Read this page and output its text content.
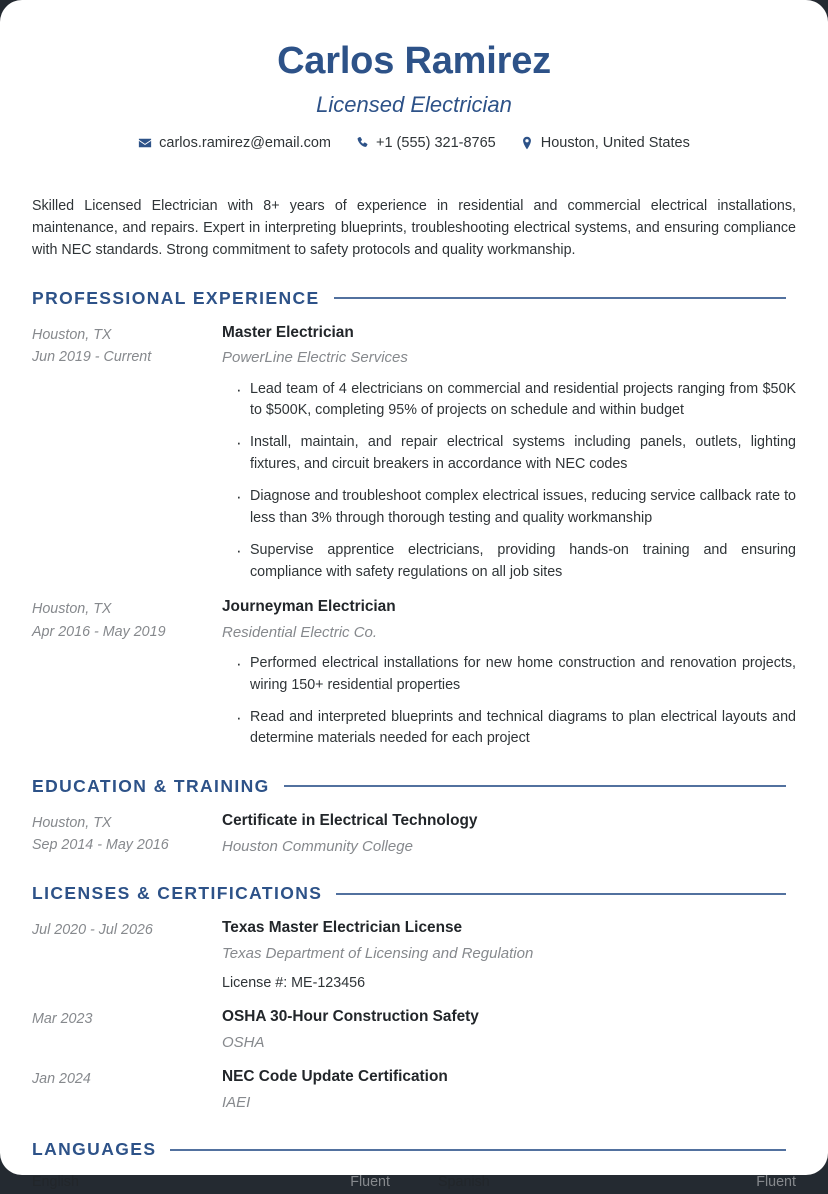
Carlos Ramirez
Licensed Electrician
carlos.ramirez@email.com	+1 (555) 321-8765	Houston, United States
Skilled Licensed Electrician with 8+ years of experience in residential and commercial electrical installations, maintenance, and repairs. Expert in interpreting blueprints, troubleshooting electrical systems, and ensuring compliance with NEC standards. Strong commitment to safety protocols and quality workmanship.
PROFESSIONAL EXPERIENCE
Houston, TX
Jun 2019 - Current
Master Electrician
PowerLine Electric Services
· Lead team of 4 electricians on commercial and residential projects ranging from $50K to $500K, completing 95% of projects on schedule and within budget
· Install, maintain, and repair electrical systems including panels, outlets, lighting fixtures, and circuit breakers in accordance with NEC codes
· Diagnose and troubleshoot complex electrical issues, reducing service callback rate to less than 3% through thorough testing and quality workmanship
· Supervise apprentice electricians, providing hands-on training and ensuring compliance with safety regulations on all job sites
Houston, TX
Apr 2016 - May 2019
Journeyman Electrician
Residential Electric Co.
· Performed electrical installations for new home construction and renovation projects, wiring 150+ residential properties
· Read and interpreted blueprints and technical diagrams to plan electrical layouts and determine materials needed for each project
EDUCATION & TRAINING
Houston, TX
Sep 2014 - May 2016
Certificate in Electrical Technology
Houston Community College
LICENSES & CERTIFICATIONS
Jul 2020 - Jul 2026	Texas Master Electrician License
Texas Department of Licensing and Regulation
License #: ME-123456
Mar 2023	OSHA 30-Hour Construction Safety
OSHA
Jan 2024	NEC Code Update Certification
IAEI
LANGUAGES
English	Fluent	Spanish	Fluent
